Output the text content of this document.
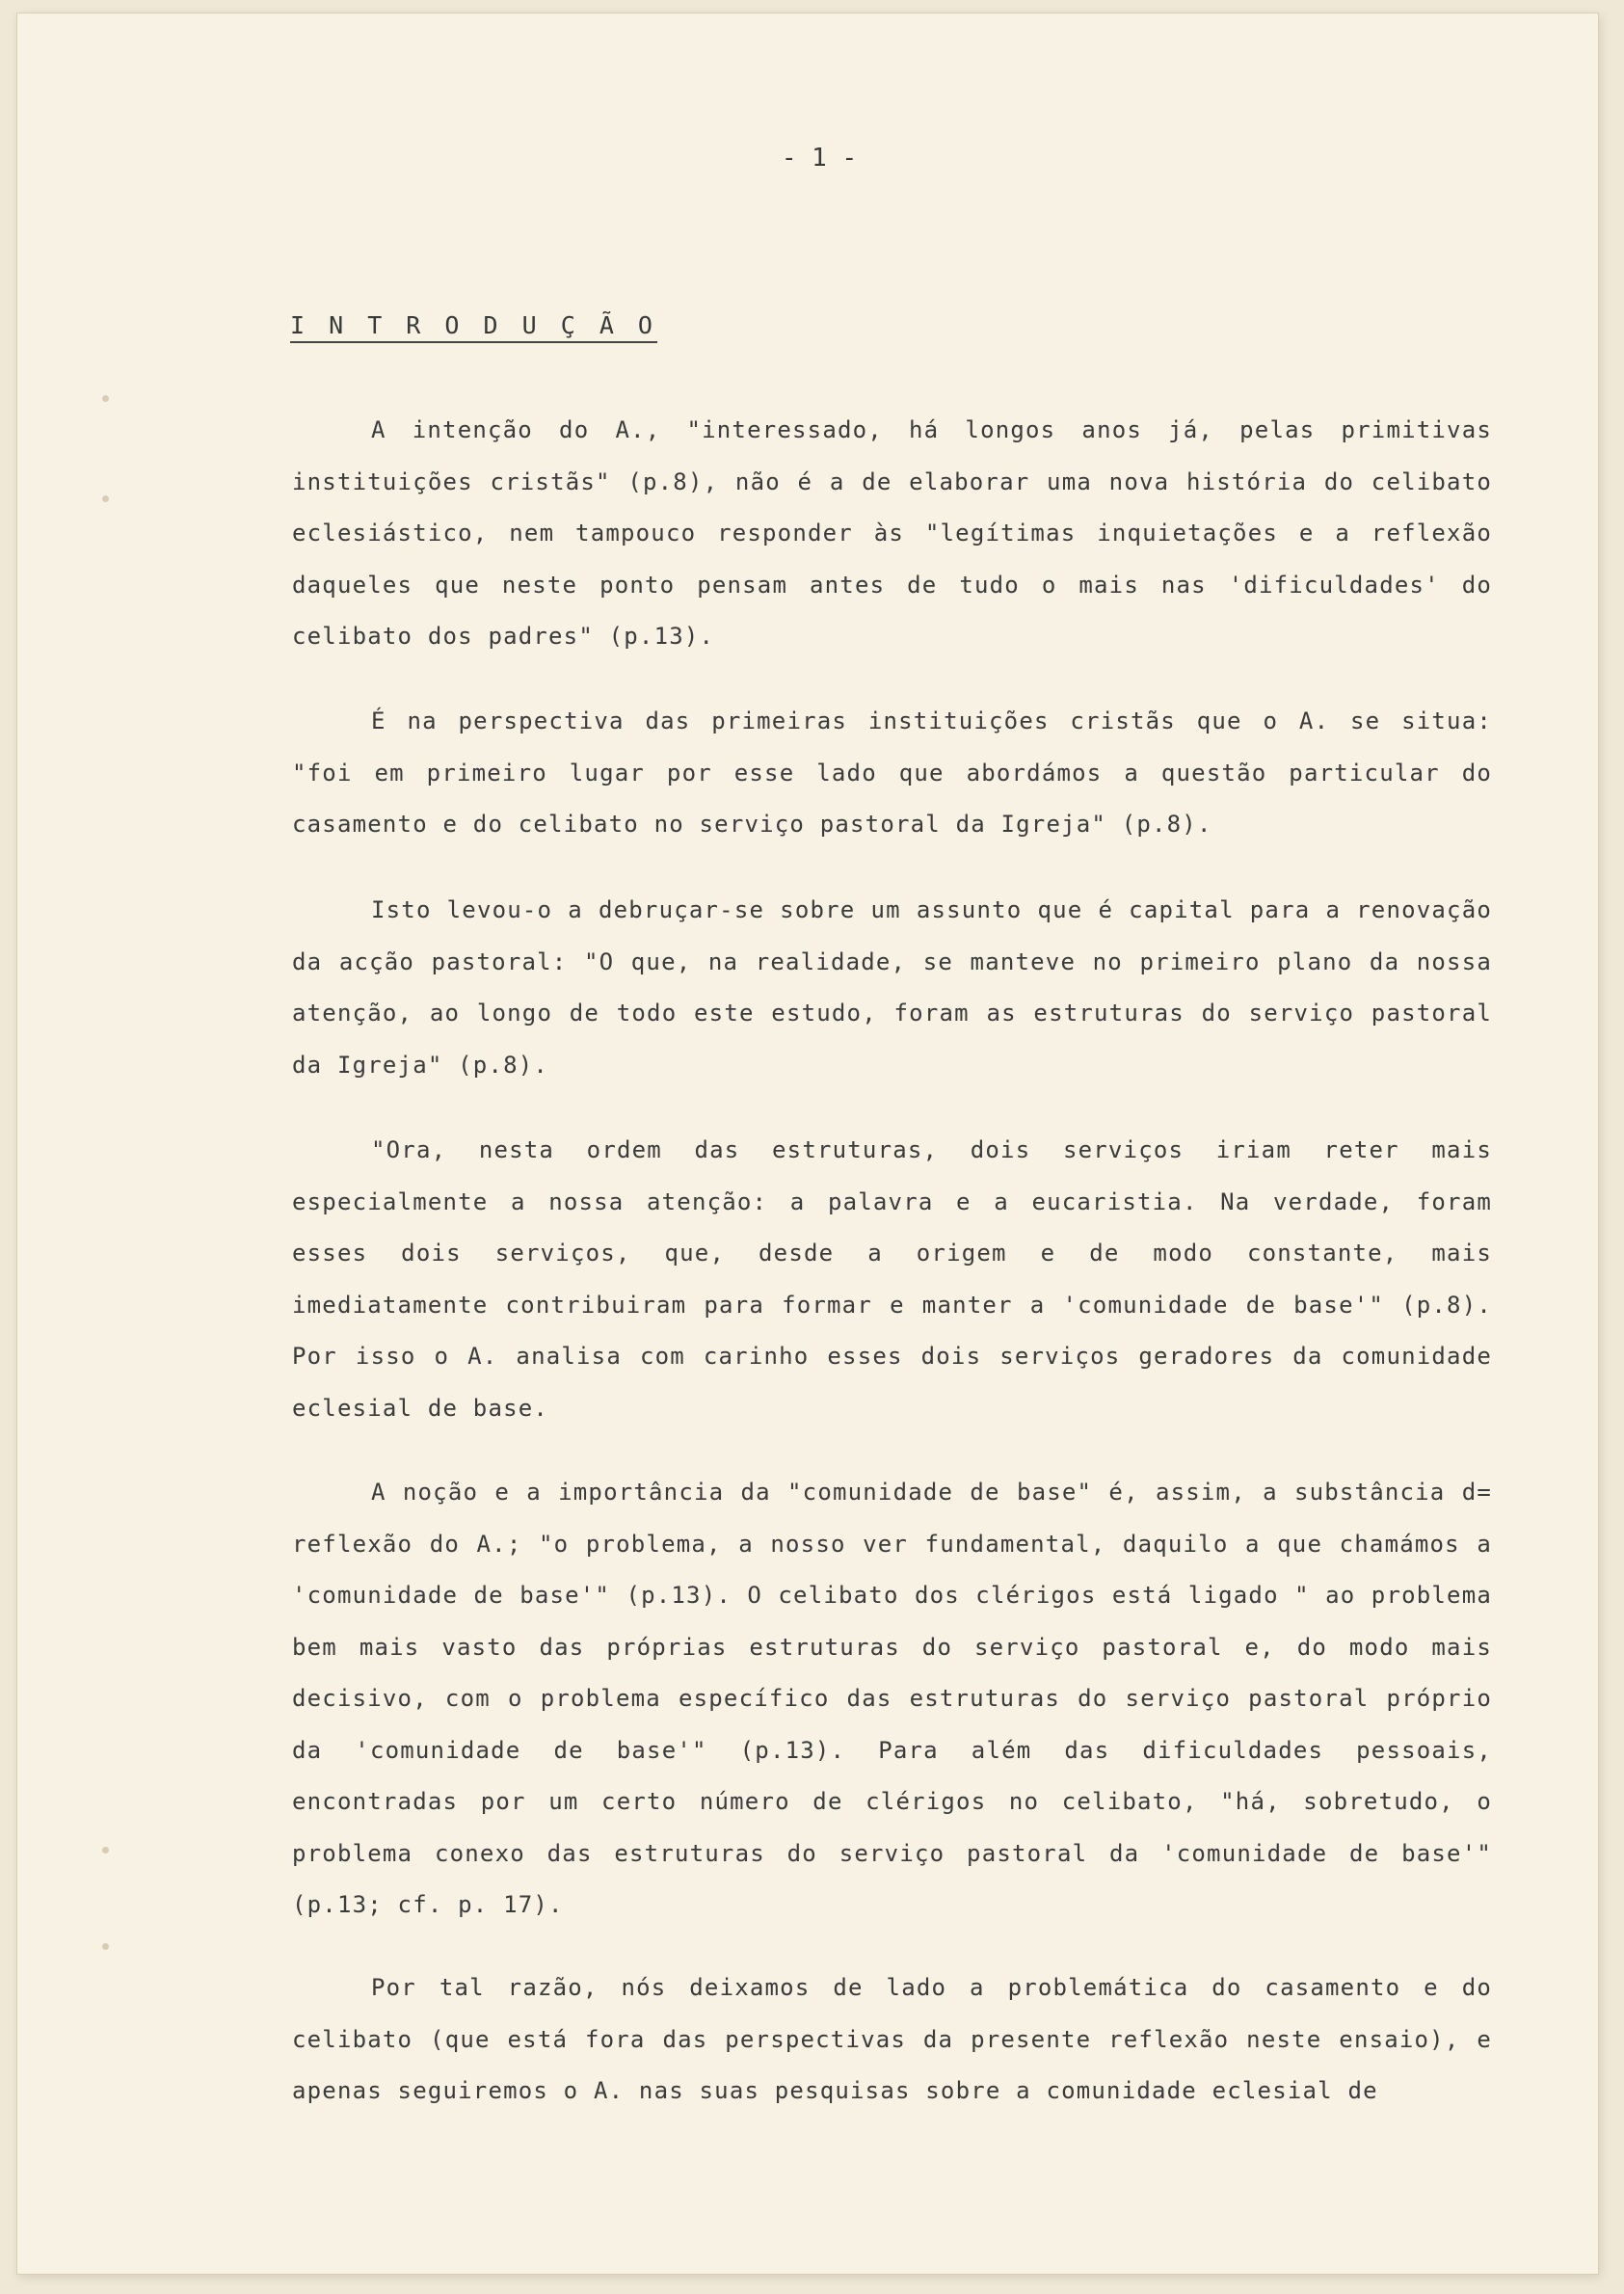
- 1 -
I N T R O D U Ç Ã O

A intenção do A., "interessado, há longos anos já, pelas primitivas instituições cristãs" (p.8), não é a de elaborar uma nova história do celibato eclesiástico, nem tampouco responder às "legítimas inquietações e a reflexão daqueles que neste ponto pensam antes de tudo o mais nas 'dificuldades' do celibato dos padres" (p.13).

É na perspectiva das primeiras instituições cristãs que o A. se situa: "foi em primeiro lugar por esse lado que abordámos a questão particular do casamento e do celibato no serviço pastoral da Igreja" (p.8).

Isto levou-o a debruçar-se sobre um assunto que é capital para a renovação da acção pastoral: "O que, na realidade, se manteve no primeiro plano da nossa atenção, ao longo de todo este estudo, foram as estruturas do serviço pastoral da Igreja" (p.8).

"Ora, nesta ordem das estruturas, dois serviços iriam reter mais especialmente a nossa atenção: a palavra e a eucaristia. Na verdade, foram esses dois serviços, que, desde a origem e de modo constante, mais imediatamente contribuiram para formar e manter a 'comunidade de base'" (p.8). Por isso o A. analisa com carinho esses dois serviços geradores da comunidade eclesial de base.

A noção e a importância da "comunidade de base" é, assim, a substância d= reflexão do A.; "o problema, a nosso ver fundamental, daquilo a que chamámos a 'comunidade de base'" (p.13). O celibato dos clérigos está ligado " ao problema bem mais vasto das próprias estruturas do serviço pastoral e, do modo mais decisivo, com o problema específico das estruturas do serviço pastoral próprio da 'comunidade de base'" (p.13). Para além das dificuldades pessoais, encontradas por um certo número de clérigos no celibato, "há, sobretudo, o problema conexo das estruturas do serviço pastoral da 'comunidade de base'"(p.13; cf. p. 17).

Por tal razão, nós deixamos de lado a problemática do casamento e do celibato (que está fora das perspectivas da presente reflexão neste ensaio), e apenas seguiremos o A. nas suas pesquisas sobre a comunidade eclesial de
